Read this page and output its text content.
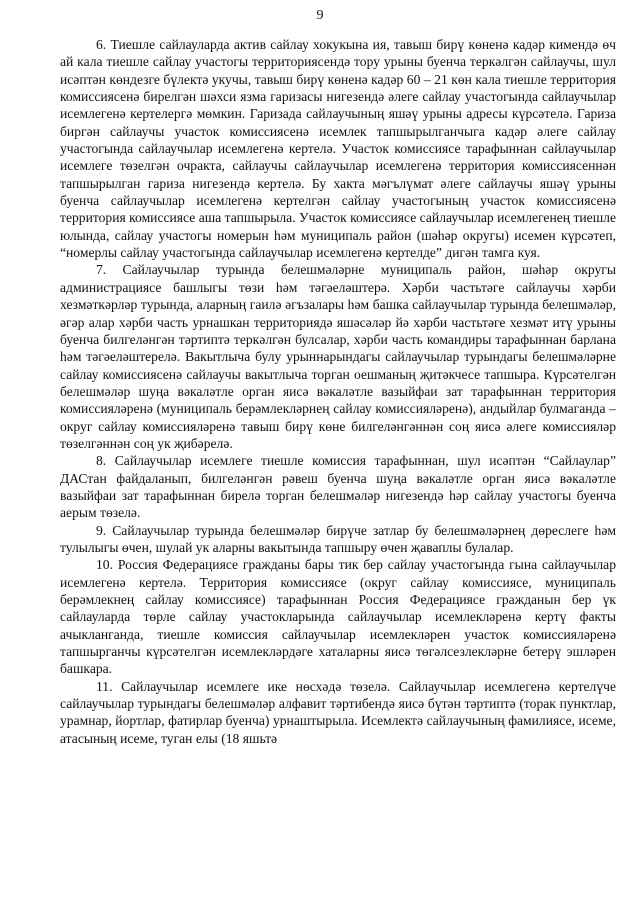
9

6. Тиешле сайлауларда актив сайлау хокукына ия, тавыш бирү көненә кадәр кимендә өч ай кала тиешле сайлау участогы территориясендә тору урыны буенча теркәлгән сайлаучы, шул исәптән көндезге бүлектә укучы, тавыш бирү көненә кадәр 60 – 21 көн кала тиешле территория комиссиясенә бирелгән шәхси язма гаризасы нигезендә әлеге сайлау участогында сайлаучылар исемлегенә кертелергә мөмкин. Гаризада сайлаучының яшәү урыны адресы күрсәтелә. Гариза биргән сайлаучы участок комиссиясенә исемлек тапшырылганчыга кадәр әлеге сайлау участогында сайлаучылар исемлегенә кертелә. Участок комиссиясе тарафыннан сайлаучылар исемлеге төзелгән очракта, сайлаучы сайлаучылар исемлегенә территория комиссиясеннән тапшырылган гариза нигезендә кертелә. Бу хакта мәгълүмат әлеге сайлаучы яшәү урыны буенча сайлаучылар исемлегенә кертелгән сайлау участогының участок комиссиясенә территория комиссиясе аша тапшырыла. Участок комиссиясе сайлаучылар исемлегенең тиешле юлында, сайлау участогы номерын һәм муниципаль район (шәһәр округы) исемен күрсәтеп, “номерлы сайлау участогында сайлаучылар исемлегенә кертелде” дигән тамга куя.

7. Сайлаучылар турында белешмәләрне муниципаль район, шәһәр округы администрациясе башлыгы төзи һәм тәгәеләштерә. Хәрби частьтәге сайлаучы хәрби хезмәткәрләр турында, аларның гаилә әгъзалары һәм башка сайлаучылар турында белешмәләр, әгәр алар хәрби часть урнашкан территориядә яшәсәләр йә хәрби частьтәге хезмәт итү урыны буенча билгеләнгән тәртиптә теркәлгән булсалар, хәрби часть командиры тарафыннан барлана һәм тәгәеләштерелә. Вакытлыча булу урыннарындагы сайлаучылар турындагы белешмәләрне сайлау комиссиясенә сайлаучы вакытлыча торган оешманың җитәкчесе тапшыра. Күрсәтелгән белешмәләр шуңа вәкаләтле орган яисә вәкаләтле вазыйфаи зат тарафыннан территория комиссияләренә (муниципаль берәмлекләрнең сайлау комиссияләренә), андыйлар булмаганда – округ сайлау комиссияләренә тавыш бирү көне билгеләнгәннән соң яисә әлеге комиссияләр төзелгәннән соң ук җибәрелә.

8. Сайлаучылар исемлеге тиешле комиссия тарафыннан, шул исәптән “Сайлаулар” ДАСтан файдаланып, билгеләнгән рәвеш буенча шуңа вәкаләтле орган яисә вәкаләтле вазыйфаи зат тарафыннан бирелә торган белешмәләр нигезендә һәр сайлау участогы буенча аерым төзелә.

9. Сайлаучылар турында белешмәләр бирүче затлар бу белешмәләрнең дөреслеге һәм тулылыгы өчен, шулай ук аларны вакытында тапшыру өчен җаваплы булалар.

10. Россия Федерациясе гражданы бары тик бер сайлау участогында гына сайлаучылар исемлегенә кертелә. Территория комиссиясе (округ сайлау комиссиясе, муниципаль берәмлекнең сайлау комиссиясе) тарафыннан Россия Федерациясе гражданын бер үк сайлауларда төрле сайлау участокларында сайлаучылар исемлекләренә кертү факты ачыкланганда, тиешле комиссия сайлаучылар исемлекләрен участок комиссияләренә тапшырганчы күрсәтелгән исемлекләрдәге хаталарны яисә төгәлсезлекләрне бетерү эшләрен башкара.

11. Сайлаучылар исемлеге ике нөсхәдә төзелә. Сайлаучылар исемлегенә кертелүче сайлаучылар турындагы белешмәләр алфавит тәртибендә яисә бүтән тәртиптә (торак пунктлар, урамнар, йортлар, фатирлар буенча) урнаштырыла. Исемлектә сайлаучының фамилиясе, исеме, атасының исеме, туган елы (18 яшьтә
